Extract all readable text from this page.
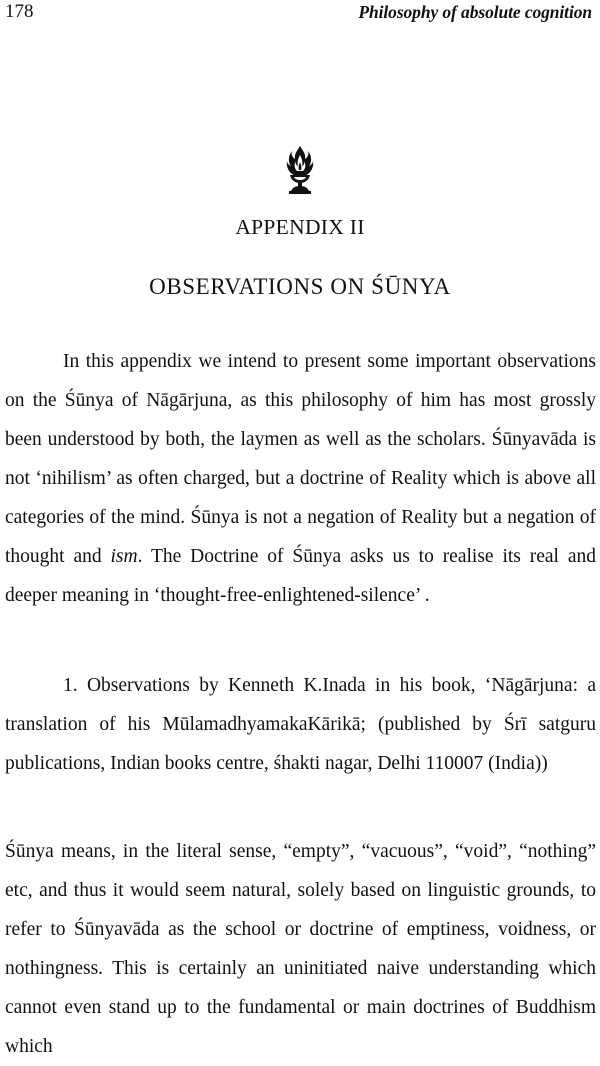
178	Philosophy of absolute cognition
APPENDIX II
OBSERVATIONS ON ŚŪNYA

In this appendix we intend to present some important observations on the Śūnya of Nāgārjuna, as this philosophy of him has most grossly been understood by both, the laymen as well as the scholars. Śūnyavāda is not ‘nihilism’ as often charged, but a doctrine of Reality which is above all categories of the mind. Śūnya is not a negation of Reality but a negation of thought and ism. The Doctrine of Śūnya asks us to realise its real and deeper meaning in ‘thought-free-enlightened-silence’ .

1. Observations by Kenneth K.Inada in his book, ‘Nāgārjuna: a translation of his MūlamadhyamakaKārikā; (published by Śrī satguru publications, Indian books centre, śhakti nagar, Delhi 110007 (India))

Śūnya means, in the literal sense, “empty”, “vacuous”, “void”, “nothing” etc, and thus it would seem natural, solely based on linguistic grounds, to refer to Śūnyavāda as the school or doctrine of emptiness, voidness, or nothingness. This is certainly an uninitiated naive understanding which cannot even stand up to the fundamental or main doctrines of Buddhism which
